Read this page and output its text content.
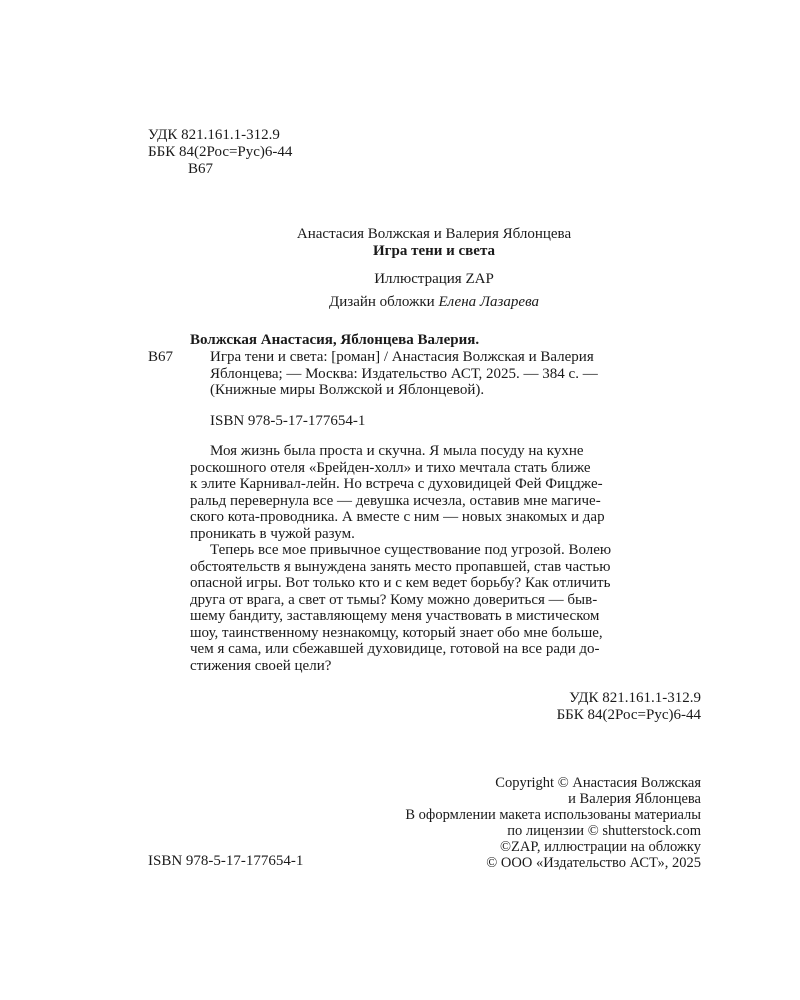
УДК 821.161.1-312.9
ББК 84(2Рос=Рус)6-44
В67
Анастасия Волжская и Валерия Яблонцева
Игра тени и света
Иллюстрация ZAP
Дизайн обложки Елена Лазарева
Волжская Анастасия, Яблонцева Валерия.
В67 Игра тени и света: [роман] / Анастасия Волжская и Валерия
Яблонцева; — Москва: Издательство АСТ, 2025. — 384 с. —
(Книжные миры Волжской и Яблонцевой).
ISBN 978-5-17-177654-1
Моя жизнь была проста и скучна. Я мыла посуду на кухне
роскошного отеля «Брейден-холл» и тихо мечтала стать ближе
к элите Карнивал-лейн. Но встреча с духовидицей Фей Фицдже-
ральд перевернула все — девушка исчезла, оставив мне магиче-
ского кота-проводника. А вместе с ним — новых знакомых и дар
проникать в чужой разум.
Теперь все мое привычное существование под угрозой. Волею
обстоятельств я вынуждена занять место пропавшей, став частью
опасной игры. Вот только кто и с кем ведет борьбу? Как отличить
друга от врага, а свет от тьмы? Кому можно довериться — быв-
шему бандиту, заставляющему меня участвовать в мистическом
шоу, таинственному незнакомцу, который знает обо мне больше,
чем я сама, или сбежавшей духовидице, готовой на все ради до-
стижения своей цели?
УДК 821.161.1-312.9
ББК 84(2Рос=Рус)6-44
Copyright © Анастасия Волжская
и Валерия Яблонцева
В оформлении макета использованы материалы
по лицензии © shutterstock.com
©ZAP, иллюстрации на обложку
© ООО «Издательство АСТ», 2025
ISBN 978-5-17-177654-1
